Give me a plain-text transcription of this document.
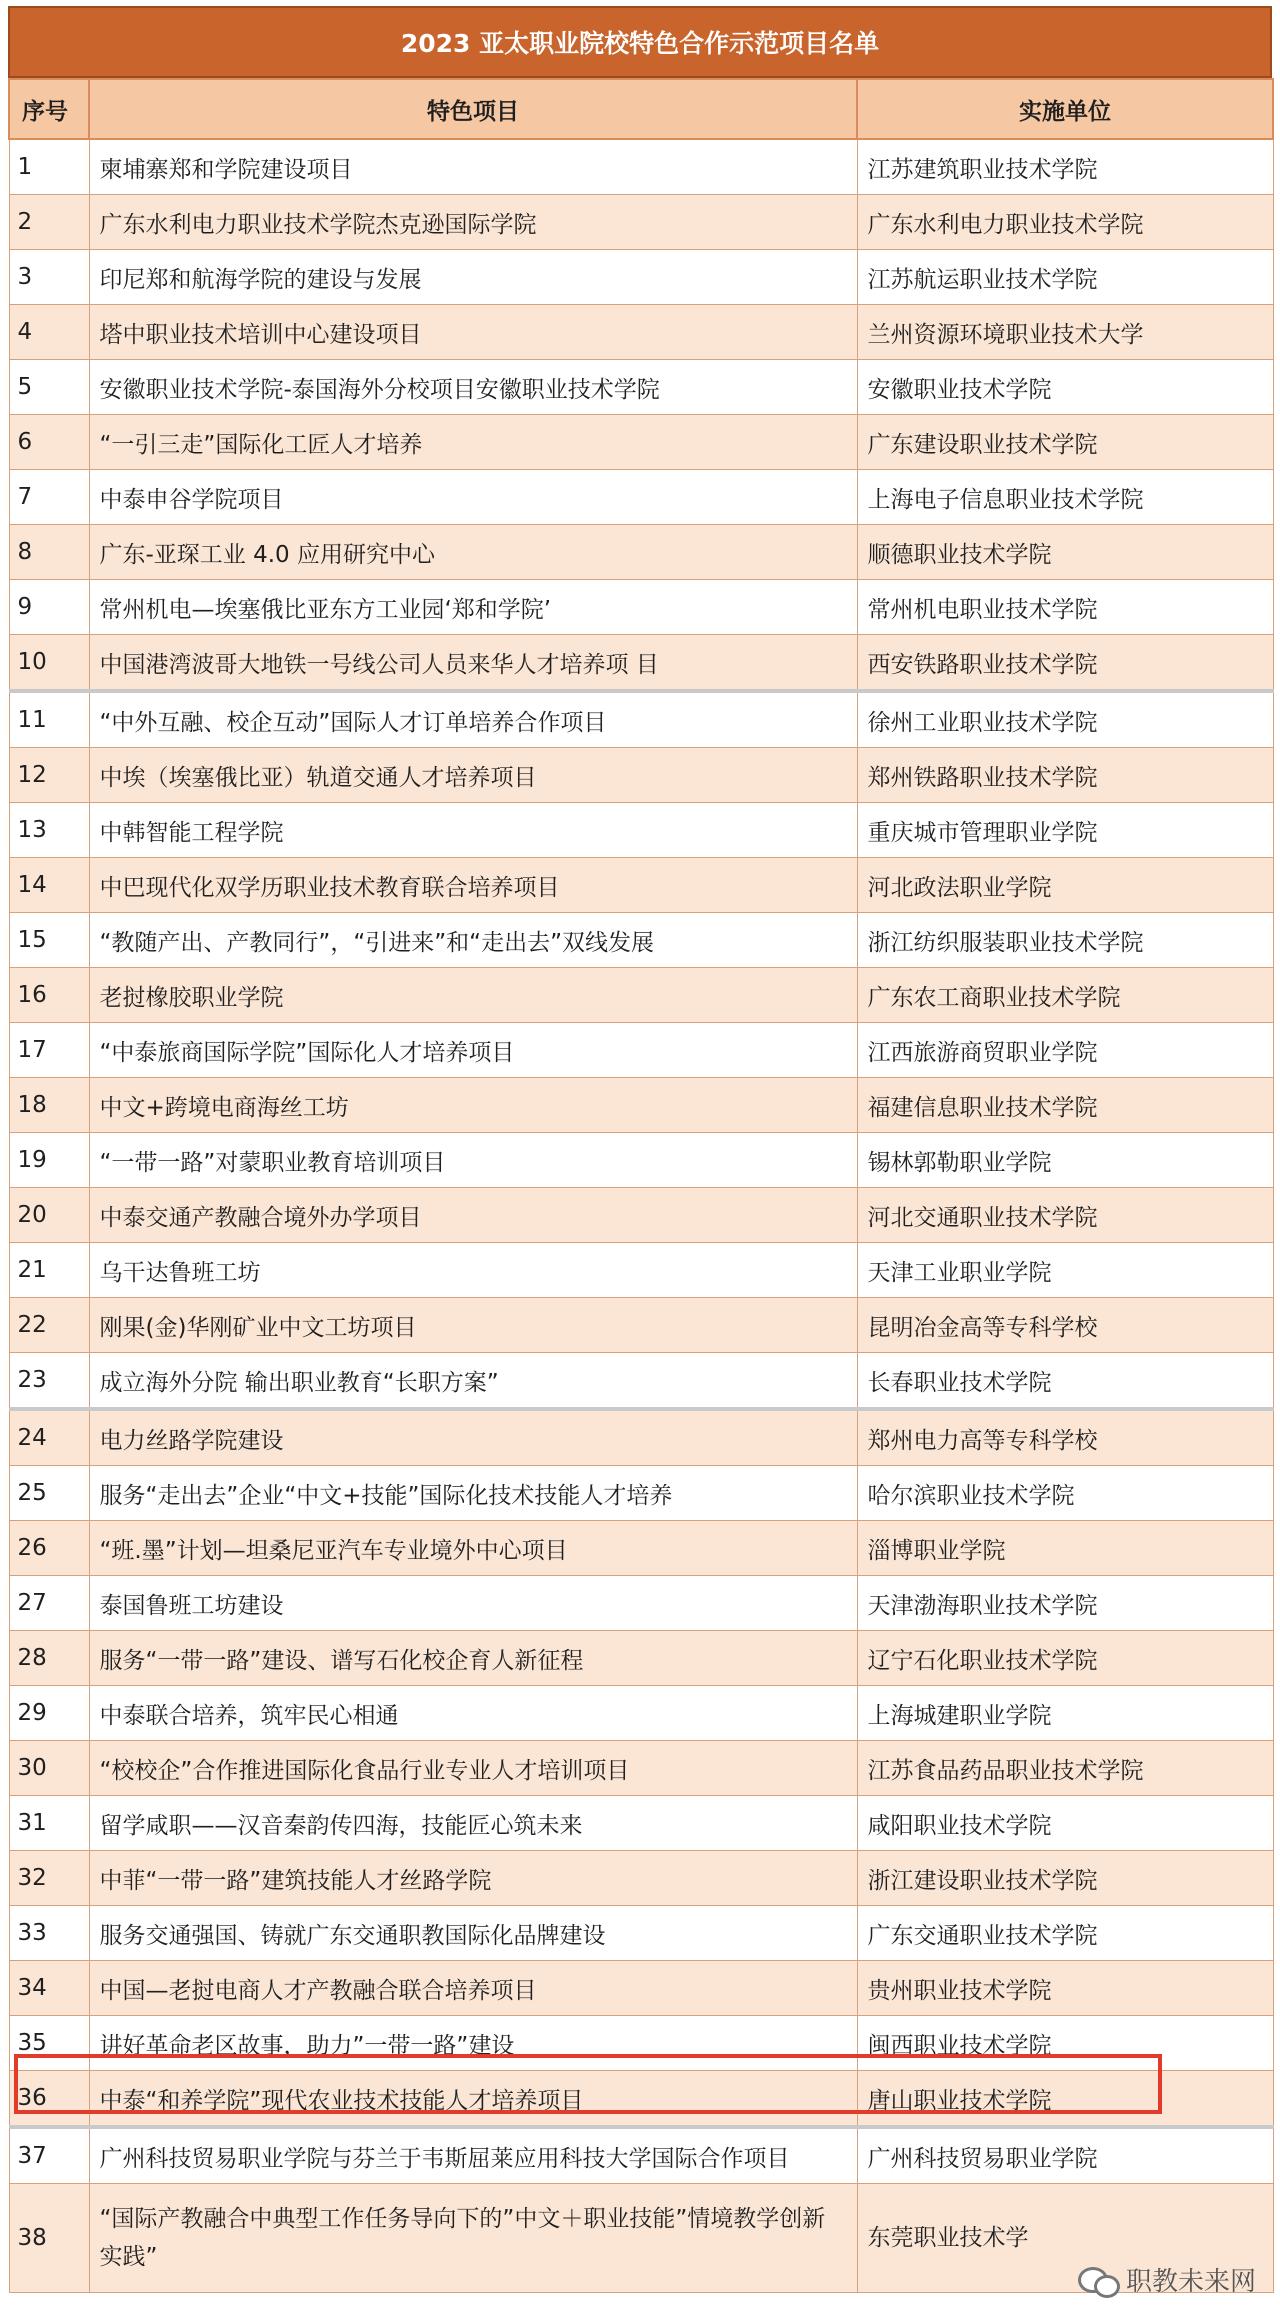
2023 亚太职业院校特色合作示范项目名单
序号	特色项目	实施单位
1	柬埔寨郑和学院建设项目	江苏建筑职业技术学院
2	广东水利电力职业技术学院杰克逊国际学院	广东水利电力职业技术学院
3	印尼郑和航海学院的建设与发展	江苏航运职业技术学院
4	塔中职业技术培训中心建设项目	兰州资源环境职业技术大学
5	安徽职业技术学院-泰国海外分校项目安徽职业技术学院	安徽职业技术学院
6	“一引三走”国际化工匠人才培养	广东建设职业技术学院
7	中泰申谷学院项目	上海电子信息职业技术学院
8	广东-亚琛工业 4.0 应用研究中心	顺德职业技术学院
9	常州机电—埃塞俄比亚东方工业园‘郑和学院’	常州机电职业技术学院
10	中国港湾波哥大地铁一号线公司人员来华人才培养项 目	西安铁路职业技术学院
11	“中外互融、校企互动”国际人才订单培养合作项目	徐州工业职业技术学院
12	中埃（埃塞俄比亚）轨道交通人才培养项目	郑州铁路职业技术学院
13	中韩智能工程学院	重庆城市管理职业学院
14	中巴现代化双学历职业技术教育联合培养项目	河北政法职业学院
15	“教随产出、产教同行”，“引进来”和“走出去”双线发展	浙江纺织服装职业技术学院
16	老挝橡胶职业学院	广东农工商职业技术学院
17	“中泰旅商国际学院”国际化人才培养项目	江西旅游商贸职业学院
18	中文+跨境电商海丝工坊	福建信息职业技术学院
19	“一带一路”对蒙职业教育培训项目	锡林郭勒职业学院
20	中泰交通产教融合境外办学项目	河北交通职业技术学院
21	乌干达鲁班工坊	天津工业职业学院
22	刚果(金)华刚矿业中文工坊项目	昆明冶金高等专科学校
23	成立海外分院 输出职业教育“长职方案”	长春职业技术学院
24	电力丝路学院建设	郑州电力高等专科学校
25	服务“走出去”企业“中文+技能”国际化技术技能人才培养	哈尔滨职业技术学院
26	“班.墨”计划—坦桑尼亚汽车专业境外中心项目	淄博职业学院
27	泰国鲁班工坊建设	天津渤海职业技术学院
28	服务“一带一路”建设、谱写石化校企育人新征程	辽宁石化职业技术学院
29	中泰联合培养，筑牢民心相通	上海城建职业学院
30	“校校企”合作推进国际化食品行业专业人才培训项目	江苏食品药品职业技术学院
31	留学咸职——汉音秦韵传四海，技能匠心筑未来	咸阳职业技术学院
32	中菲“一带一路”建筑技能人才丝路学院	浙江建设职业技术学院
33	服务交通强国、铸就广东交通职教国际化品牌建设	广东交通职业技术学院
34	中国—老挝电商人才产教融合联合培养项目	贵州职业技术学院
35	讲好革命老区故事，助力”一带一路”建设	闽西职业技术学院
36	中泰“和养学院”现代农业技术技能人才培养项目	唐山职业技术学院
37	广州科技贸易职业学院与芬兰于韦斯屈莱应用科技大学国际合作项目	广州科技贸易职业学院
38	“国际产教融合中典型工作任务导向下的”中文＋职业技能”情境教学创新实践”	东莞职业技术学
职教未来网
